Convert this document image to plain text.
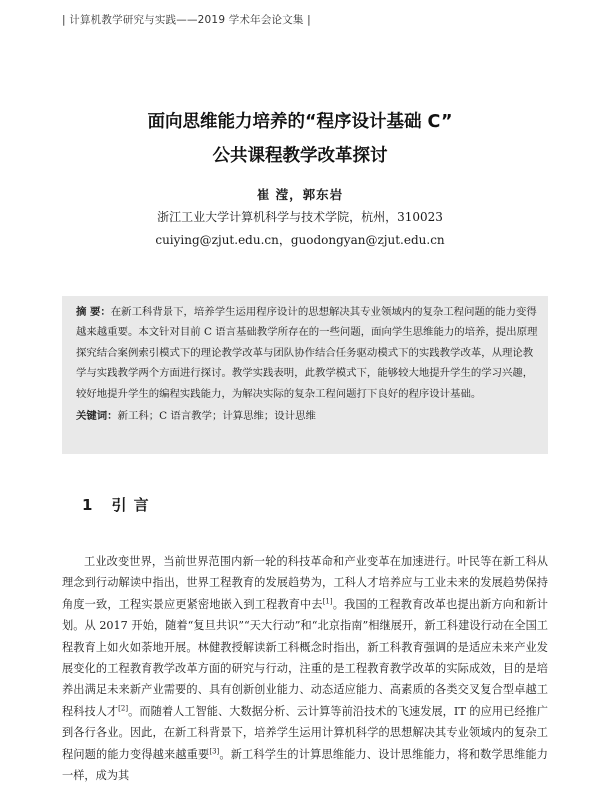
| 计算机教学研究与实践——2019 学术年会论文集 |
面向思维能力培养的“程序设计基础 C”
公共课程教学改革探讨
崔 滢，郭东岩
浙江工业大学计算机科学与技术学院，杭州，310023
cuiying@zjut.edu.cn，guodongyan@zjut.edu.cn
摘 要：在新工科背景下，培养学生运用程序设计的思想解决其专业领域内的复杂工程问题的能力变得越来越重要。本文针对目前 C 语言基础教学所存在的一些问题，面向学生思维能力的培养，提出原理探究结合案例索引模式下的理论教学改革与团队协作结合任务驱动模式下的实践教学改革，从理论教学与实践教学两个方面进行探讨。教学实践表明，此教学模式下，能够较大地提升学生的学习兴趣，较好地提升学生的编程实践能力，为解决实际的复杂工程问题打下良好的程序设计基础。
关键词：新工科；C 语言教学；计算思维；设计思维
1 引 言
工业改变世界，当前世界范围内新一轮的科技革命和产业变革在加速进行。叶民等在新工科从理念到行动解读中指出，世界工程教育的发展趋势为，工科人才培养应与工业未来的发展趋势保持角度一致，工程实景应更紧密地嵌入到工程教育中去[1]。我国的工程教育改革也提出新方向和新计划。从 2017 开始，随着“复旦共识”“天大行动”和“北京指南”相继展开，新工科建设行动在全国工程教育上如火如荼地开展。林健教授解读新工科概念时指出，新工科教育强调的是适应未来产业发展变化的工程教育教学改革方面的研究与行动，注重的是工程教育教学改革的实际成效，目的是培养出满足未来新产业需要的、具有创新创业能力、动态适应能力、高素质的各类交叉复合型卓越工程科技人才[2]。而随着人工智能、大数据分析、云计算等前沿技术的飞速发展，IT 的应用已经推广到各行各业。因此，在新工科背景下，培养学生运用计算机科学的思想解决其专业领域内的复杂工程问题的能力变得越来越重要[3]。新工科学生的计算思维能力、设计思维能力，将和数学思维能力一样，成为其
